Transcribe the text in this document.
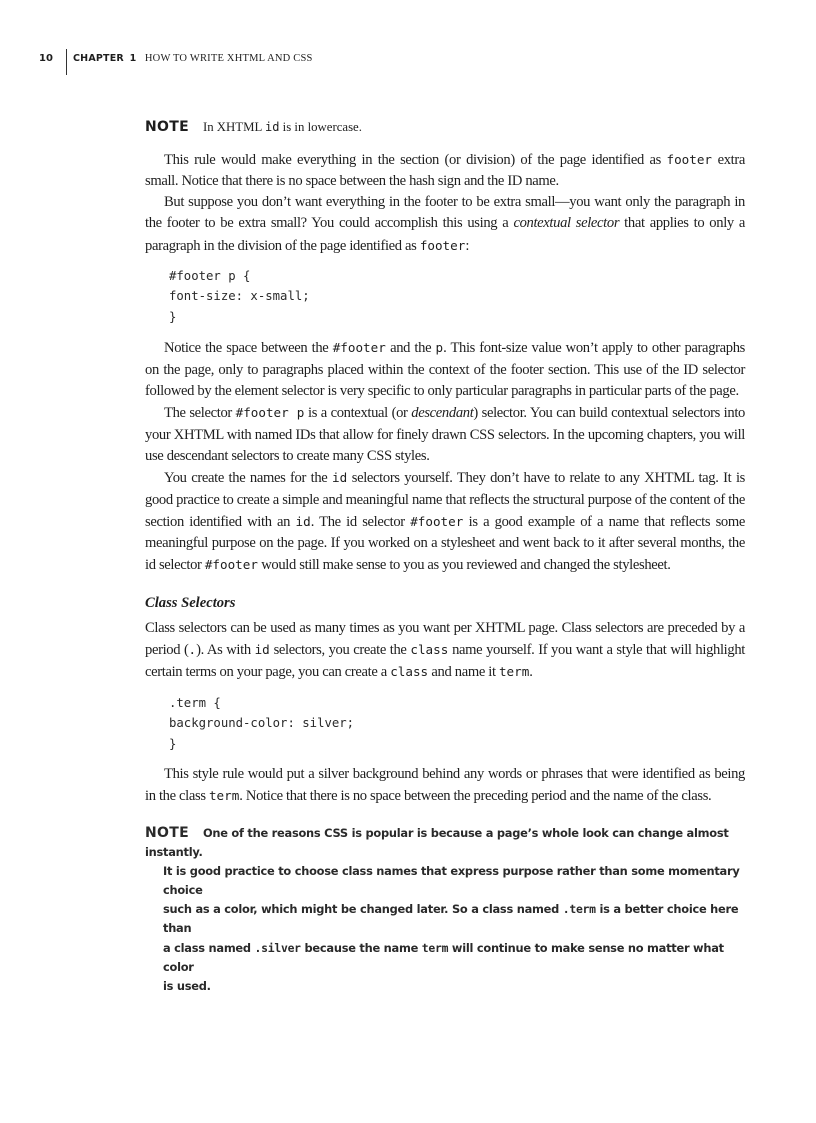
10 CHAPTER 1 HOW TO WRITE XHTML AND CSS
NOTE In XHTML id is in lowercase.

This rule would make everything in the section (or division) of the page identified as footer extra small. Notice that there is no space between the hash sign and the ID name.

But suppose you don’t want everything in the footer to be extra small—you want only the paragraph in the footer to be extra small? You could accomplish this using a contextual selector that applies to only a paragraph in the division of the page identified as footer:

#footer p {
font-size: x-small;
}

Notice the space between the #footer and the p. This font-size value won’t apply to other paragraphs on the page, only to paragraphs placed within the context of the footer section. This use of the ID selector followed by the element selector is very specific to only particular paragraphs in particular parts of the page.

The selector #footer p is a contextual (or descendant) selector. You can build contextual selectors into your XHTML with named IDs that allow for finely drawn CSS selectors. In the upcoming chapters, you will use descendant selectors to create many CSS styles.

You create the names for the id selectors yourself. They don’t have to relate to any XHTML tag. It is good practice to create a simple and meaningful name that reflects the structural purpose of the content of the section identified with an id. The id selector #footer is a good example of a name that reflects some meaningful purpose on the page. If you worked on a stylesheet and went back to it after several months, the id selector #footer would still make sense to you as you reviewed and changed the stylesheet.

Class Selectors

Class selectors can be used as many times as you want per XHTML page. Class selectors are preceded by a period (.). As with id selectors, you create the class name yourself. If you want a style that will highlight certain terms on your page, you can create a class and name it term.

.term {
background-color: silver;
}

This style rule would put a silver background behind any words or phrases that were identified as being in the class term. Notice that there is no space between the preceding period and the name of the class.

NOTE One of the reasons CSS is popular is because a page’s whole look can change almost instantly.
It is good practice to choose class names that express purpose rather than some momentary choice
such as a color, which might be changed later. So a class named .term is a better choice here than
a class named .silver because the name term will continue to make sense no matter what color
is used.
